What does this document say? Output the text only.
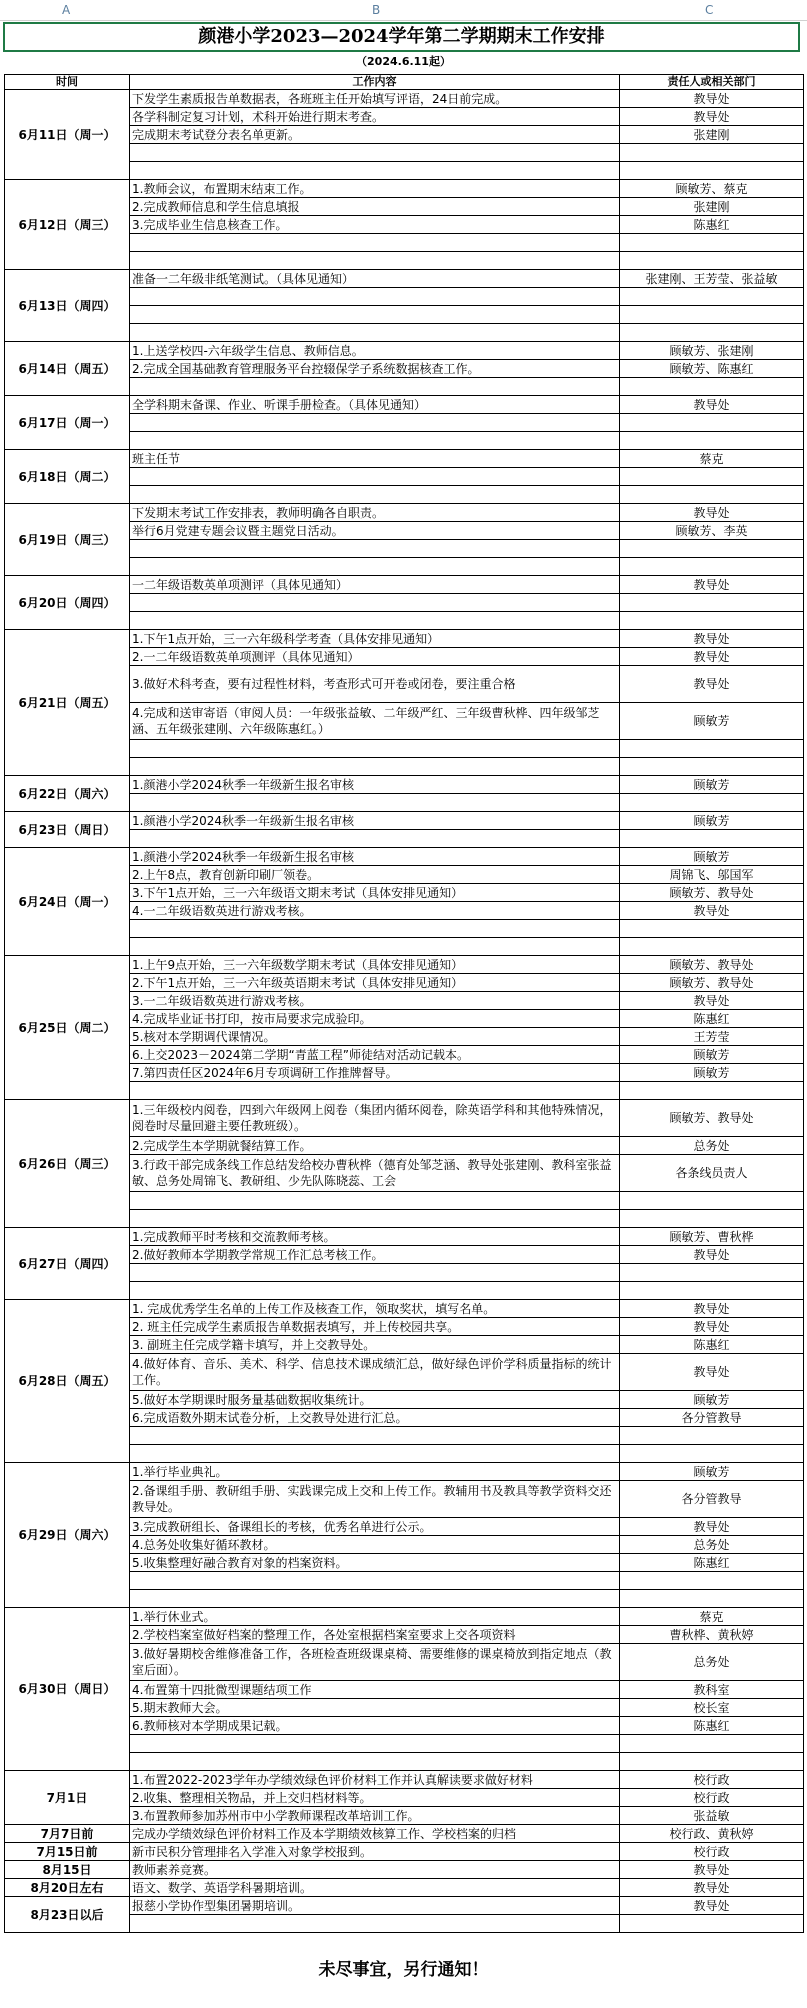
A	B	C
颜港小学2023—2024学年第二学期期末工作安排
（2024.6.11起）
时间	工作内容	责任人或相关部门
6月11日（周一）	下发学生素质报告单数据表，各班班主任开始填写评语，24日前完成。	教导处
	各学科制定复习计划，术科开始进行期末考查。	教导处
	完成期末考试登分表名单更新。	张建刚

6月12日（周三）	1.教师会议，布置期末结束工作。	顾敏芳、蔡克
	2.完成教师信息和学生信息填报	张建刚
	3.完成毕业生信息核查工作。	陈惠红

6月13日（周四）	准备一二年级非纸笔测试。（具体见通知）	张建刚、王芳莹、张益敏

6月14日（周五）	1.上送学校四-六年级学生信息、教师信息。	顾敏芳、张建刚
	2.完成全国基础教育管理服务平台控辍保学子系统数据核查工作。	顾敏芳、陈惠红

6月17日（周一）	全学科期末备课、作业、听课手册检查。（具体见通知）	教导处

6月18日（周二）	班主任节	蔡克

6月19日（周三）	下发期末考试工作安排表，教师明确各自职责。	教导处
	举行6月党建专题会议暨主题党日活动。	顾敏芳、李英

6月20日（周四）	一二年级语数英单项测评（具体见通知）	教导处

6月21日（周五）	1.下午1点开始，三一六年级科学考查（具体安排见通知）	教导处
	2.一二年级语数英单项测评（具体见通知）	教导处
	3.做好术科考查，要有过程性材料，考查形式可开卷或闭卷，要注重合格	教导处
	4.完成和送审寄语（审阅人员：一年级张益敏、二年级严红、三年级曹秋桦、四年级邹芝涵、五年级张建刚、六年级陈惠红。）	顾敏芳

6月22日（周六）	1.颜港小学2024秋季一年级新生报名审核	顾敏芳

6月23日（周日）	1.颜港小学2024秋季一年级新生报名审核	顾敏芳

6月24日（周一）	1.颜港小学2024秋季一年级新生报名审核	顾敏芳
	2.上午8点，教育创新印刷厂领卷。	周锦飞、邬国军
	3.下午1点开始，三一六年级语文期末考试（具体安排见通知）	顾敏芳、教导处
	4.一二年级语数英进行游戏考核。	教导处

6月25日（周二）	1.上午9点开始，三一六年级数学期末考试（具体安排见通知）	顾敏芳、教导处
	2.下午1点开始，三一六年级英语期末考试（具体安排见通知）	顾敏芳、教导处
	3.一二年级语数英进行游戏考核。	教导处
	4.完成毕业证书打印，按市局要求完成验印。	陈惠红
	5.核对本学期调代课情况。	王芳莹
	6.上交2023－2024第二学期“青蓝工程”师徒结对活动记载本。	顾敏芳
	7.第四责任区2024年6月专项调研工作推牌督导。	顾敏芳

6月26日（周三）	1.三年级校内阅卷，四到六年级网上阅卷（集团内循环阅卷，除英语学科和其他特殊情况，阅卷时尽量回避主要任教班级）。	顾敏芳、教导处
	2.完成学生本学期就餐结算工作。	总务处
	3.行政干部完成条线工作总结发给校办曹秋桦（德育处邹芝涵、教导处张建刚、教科室张益敏、总务处周锦飞、教研组、少先队陈晓蕊、工会	各条线员责人

6月27日（周四）	1.完成教师平时考核和交流教师考核。	顾敏芳、曹秋桦
	2.做好教师本学期教学常规工作汇总考核工作。	教导处

6月28日（周五）	1. 完成优秀学生名单的上传工作及核查工作，领取奖状，填写名单。	教导处
	2. 班主任完成学生素质报告单数据表填写，并上传校园共享。	教导处
	3. 副班主任完成学籍卡填写，并上交教导处。	陈惠红
	4.做好体育、音乐、美术、科学、信息技术课成绩汇总，做好绿色评价学科质量指标的统计工作。	教导处
	5.做好本学期课时服务量基础数据收集统计。	顾敏芳
	6.完成语数外期末试卷分析，上交教导处进行汇总。	各分管教导

6月29日（周六）	1.举行毕业典礼。	顾敏芳
	2.备课组手册、教研组手册、实践课完成上交和上传工作。教辅用书及教具等教学资料交还教导处。	各分管教导
	3.完成教研组长、备课组长的考核，优秀名单进行公示。	教导处
	4.总务处收集好循环教材。	总务处
	5.收集整理好融合教育对象的档案资料。	陈惠红

6月30日（周日）	1.举行休业式。	蔡克
	2.学校档案室做好档案的整理工作，各处室根据档案室要求上交各项资料	曹秋桦、黄秋婷
	3.做好暑期校舍维修准备工作，各班检查班级课桌椅、需要维修的课桌椅放到指定地点（教室后面）。	总务处
	4.布置第十四批微型课题结项工作	教科室
	5.期末教师大会。	校长室
	6.教师核对本学期成果记载。	陈惠红

7月1日	1.布置2022-2023学年办学绩效绿色评价材料工作并认真解读要求做好材料	校行政
	2.收集、整理相关物品，并上交归档材料等。	校行政
	3.布置教师参加苏州市中小学教师课程改革培训工作。	张益敏
7月7日前	完成办学绩效绿色评价材料工作及本学期绩效核算工作、学校档案的归档	校行政、黄秋婷
7月15日前	新市民积分管理排名入学准入对象学校报到。	校行政
8月15日	教师素养竞赛。	教导处
8月20日左右	语文、数学、英语学科暑期培训。	教导处
8月23日以后	报慈小学协作型集团暑期培训。	教导处

未尽事宜，另行通知！
